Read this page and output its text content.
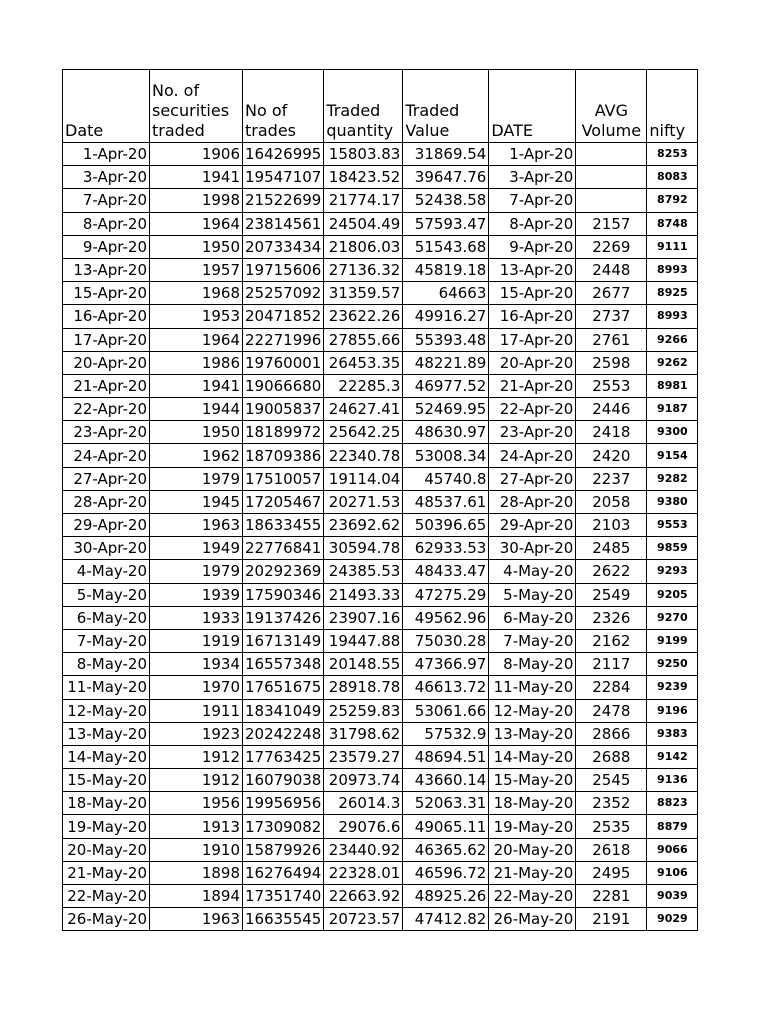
Date	No. of securities traded	No of trades	Traded quantity	Traded Value	DATE	AVG Volume	nifty
1-Apr-20	1906	16426995	15803.83	31869.54	1-Apr-20		8253
3-Apr-20	1941	19547107	18423.52	39647.76	3-Apr-20		8083
7-Apr-20	1998	21522699	21774.17	52438.58	7-Apr-20		8792
8-Apr-20	1964	23814561	24504.49	57593.47	8-Apr-20	2157	8748
9-Apr-20	1950	20733434	21806.03	51543.68	9-Apr-20	2269	9111
13-Apr-20	1957	19715606	27136.32	45819.18	13-Apr-20	2448	8993
15-Apr-20	1968	25257092	31359.57	64663	15-Apr-20	2677	8925
16-Apr-20	1953	20471852	23622.26	49916.27	16-Apr-20	2737	8993
17-Apr-20	1964	22271996	27855.66	55393.48	17-Apr-20	2761	9266
20-Apr-20	1986	19760001	26453.35	48221.89	20-Apr-20	2598	9262
21-Apr-20	1941	19066680	22285.3	46977.52	21-Apr-20	2553	8981
22-Apr-20	1944	19005837	24627.41	52469.95	22-Apr-20	2446	9187
23-Apr-20	1950	18189972	25642.25	48630.97	23-Apr-20	2418	9300
24-Apr-20	1962	18709386	22340.78	53008.34	24-Apr-20	2420	9154
27-Apr-20	1979	17510057	19114.04	45740.8	27-Apr-20	2237	9282
28-Apr-20	1945	17205467	20271.53	48537.61	28-Apr-20	2058	9380
29-Apr-20	1963	18633455	23692.62	50396.65	29-Apr-20	2103	9553
30-Apr-20	1949	22776841	30594.78	62933.53	30-Apr-20	2485	9859
4-May-20	1979	20292369	24385.53	48433.47	4-May-20	2622	9293
5-May-20	1939	17590346	21493.33	47275.29	5-May-20	2549	9205
6-May-20	1933	19137426	23907.16	49562.96	6-May-20	2326	9270
7-May-20	1919	16713149	19447.88	75030.28	7-May-20	2162	9199
8-May-20	1934	16557348	20148.55	47366.97	8-May-20	2117	9250
11-May-20	1970	17651675	28918.78	46613.72	11-May-20	2284	9239
12-May-20	1911	18341049	25259.83	53061.66	12-May-20	2478	9196
13-May-20	1923	20242248	31798.62	57532.9	13-May-20	2866	9383
14-May-20	1912	17763425	23579.27	48694.51	14-May-20	2688	9142
15-May-20	1912	16079038	20973.74	43660.14	15-May-20	2545	9136
18-May-20	1956	19956956	26014.3	52063.31	18-May-20	2352	8823
19-May-20	1913	17309082	29076.6	49065.11	19-May-20	2535	8879
20-May-20	1910	15879926	23440.92	46365.62	20-May-20	2618	9066
21-May-20	1898	16276494	22328.01	46596.72	21-May-20	2495	9106
22-May-20	1894	17351740	22663.92	48925.26	22-May-20	2281	9039
26-May-20	1963	16635545	20723.57	47412.82	26-May-20	2191	9029
